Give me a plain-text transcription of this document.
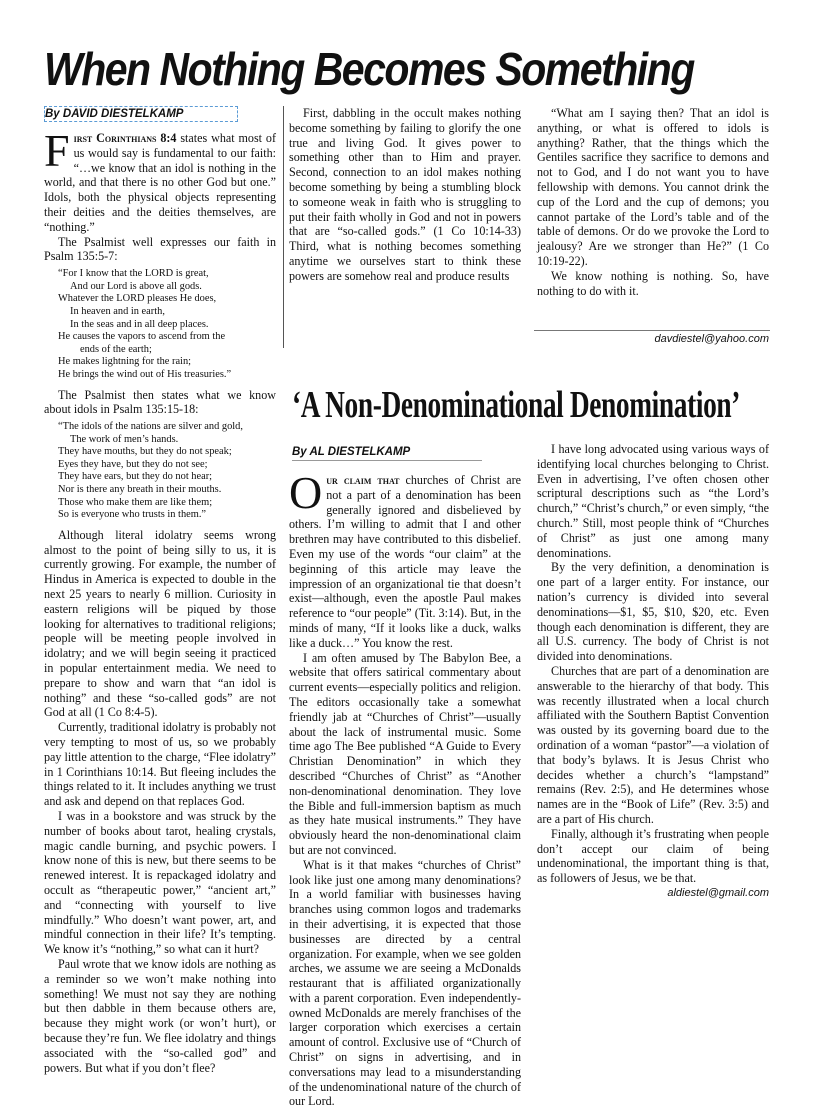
When Nothing Becomes Something
By DAVID DIESTELKAMP

First Corinthians 8:4 states what most of us would say is fundamental to our faith: “…we know that an idol is nothing in the world, and that there is no other God but one.” Idols, both the physical objects representing their deities and the deities themselves, are “nothing.”

The Psalmist well expresses our faith in Psalm 135:5-7:

“For I know that the LORD is great,
And our Lord is above all gods.
Whatever the LORD pleases He does,
In heaven and in earth,
In the seas and in all deep places.
He causes the vapors to ascend from the
ends of the earth;
He makes lightning for the rain;
He brings the wind out of His treasuries.”

The Psalmist then states what we know about idols in Psalm 135:15-18:

“The idols of the nations are silver and gold,
The work of men’s hands.
They have mouths, but they do not speak;
Eyes they have, but they do not see;
They have ears, but they do not hear;
Nor is there any breath in their mouths.
Those who make them are like them;
So is everyone who trusts in them.”

Although literal idolatry seems wrong almost to the point of being silly to us, it is currently growing. For example, the number of Hindus in America is expected to double in the next 25 years to nearly 6 million. Curiosity in eastern religions will be piqued by those looking for alternatives to traditional religions; people will be meeting people involved in idolatry; and we will begin seeing it practiced in popular entertainment media. We need to prepare to show and warn that “an idol is nothing” and these “so-called gods” are not God at all (1 Co 8:4-5).

Currently, traditional idolatry is probably not very tempting to most of us, so we probably pay little attention to the charge, “Flee idolatry” in 1 Corinthians 10:14. But fleeing includes the things related to it. It includes anything we trust and ask and depend on that replaces God.

I was in a bookstore and was struck by the number of books about tarot, healing crystals, magic candle burning, and psychic powers. I know none of this is new, but there seems to be renewed interest. It is repackaged idolatry and occult as “therapeutic power,” “ancient art,” and “connecting with yourself to live mindfully.” Who doesn’t want power, art, and mindful connection in their life? It’s tempting. We know it’s “nothing,” so what can it hurt?

Paul wrote that we know idols are nothing as a reminder so we won’t make nothing into something! We must not say they are nothing but then dabble in them because others are, because they might work (or won’t hurt), or because they’re fun. We flee idolatry and things associated with the “so-called god” and powers. But what if you don’t flee?

First, dabbling in the occult makes nothing become something by failing to glorify the one true and living God. It gives power to something other than to Him and prayer. Second, connection to an idol makes nothing become something by being a stumbling block to someone weak in faith who is struggling to put their faith wholly in God and not in powers that are “so-called gods.” (1 Co 10:14-33) Third, what is nothing becomes something anytime we ourselves start to think these powers are somehow real and produce results

“What am I saying then? That an idol is anything, or what is offered to idols is anything? Rather, that the things which the Gentiles sacrifice they sacrifice to demons and not to God, and I do not want you to have fellowship with demons. You cannot drink the cup of the Lord and the cup of demons; you cannot partake of the Lord’s table and of the table of demons. Or do we provoke the Lord to jealousy? Are we stronger than He?” (1 Co 10:19-22).

We know nothing is nothing. So, have nothing to do with it.

davdiestel@yahoo.com

‘A Non-Denominational Denomination’
By AL DIESTELKAMP

Our claim that churches of Christ are not a part of a denomination has been generally ignored and disbelieved by others. I’m willing to admit that I and other brethren may have contributed to this disbelief. Even my use of the words “our claim” at the beginning of this article may leave the impression of an organizational tie that doesn’t exist—although, even the apostle Paul makes reference to “our people” (Tit. 3:14). But, in the minds of many, “If it looks like a duck, walks like a duck…” You know the rest.

I am often amused by The Babylon Bee, a website that offers satirical commentary about current events—especially politics and religion. The editors occasionally take a somewhat friendly jab at “Churches of Christ”—usually about the lack of instrumental music. Some time ago The Bee published “A Guide to Every Christian Denomination” in which they described “Churches of Christ” as “Another non-denominational denomination. They love the Bible and full-immersion baptism as much as they hate musical instruments.” They have obviously heard the non-denominational claim but are not convinced.

What is it that makes “churches of Christ” look like just one among many denominations? In a world familiar with businesses having branches using common logos and trademarks in their advertising, it is expected that those businesses are directed by a central organization. For example, when we see golden arches, we assume we are seeing a McDonalds restaurant that is affiliated organizationally with a parent corporation. Even independently-owned McDonalds are merely franchises of the larger corporation which exercises a certain amount of control. Exclusive use of “Church of Christ” on signs in advertising, and in conversations may lead to a misunderstanding of the undenominational nature of the church of our Lord.

I have long advocated using various ways of identifying local churches belonging to Christ. Even in advertising, I’ve often chosen other scriptural descriptions such as “the Lord’s church,” “Christ’s church,” or even simply, “the church.” Still, most people think of “Churches of Christ” as just one among many denominations.

By the very definition, a denomination is one part of a larger entity. For instance, our nation’s currency is divided into several denominations—$1, $5, $10, $20, etc. Even though each denomination is different, they are all U.S. currency. The body of Christ is not divided into denominations.

Churches that are part of a denomination are answerable to the hierarchy of that body. This was recently illustrated when a local church affiliated with the Southern Baptist Convention was ousted by its governing board due to the ordination of a woman “pastor”—a violation of that body’s bylaws. It is Jesus Christ who decides whether a church’s “lampstand” remains (Rev. 2:5), and He determines whose names are in the “Book of Life” (Rev. 3:5) and are a part of His church.

Finally, although it’s frustrating when people don’t accept our claim of being undenominational, the important thing is that, as followers of Jesus, we be that.

aldiestel@gmail.com
